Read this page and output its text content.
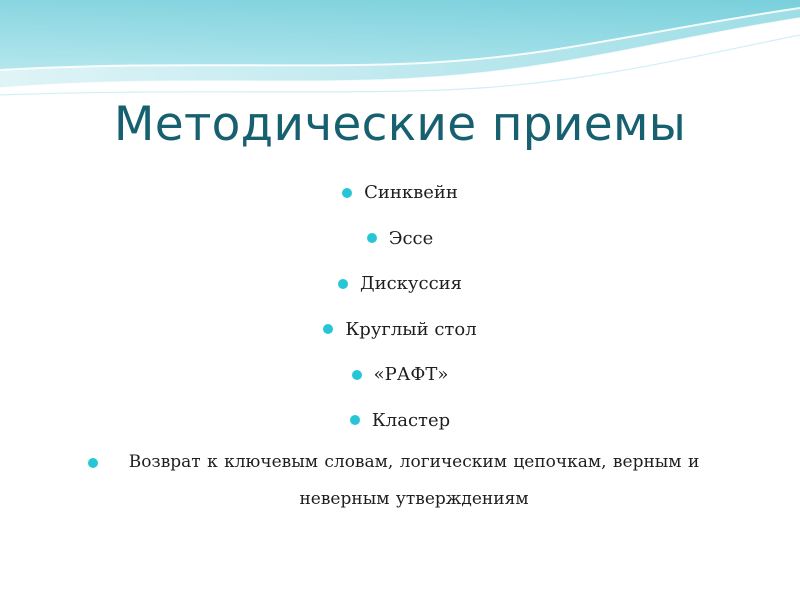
Методические приемы
Синквейн
Эссе
Дискуссия
Круглый стол
«РАФТ»
Кластер
Возврат к ключевым словам, логическим цепочкам, верным и неверным утверждениям
